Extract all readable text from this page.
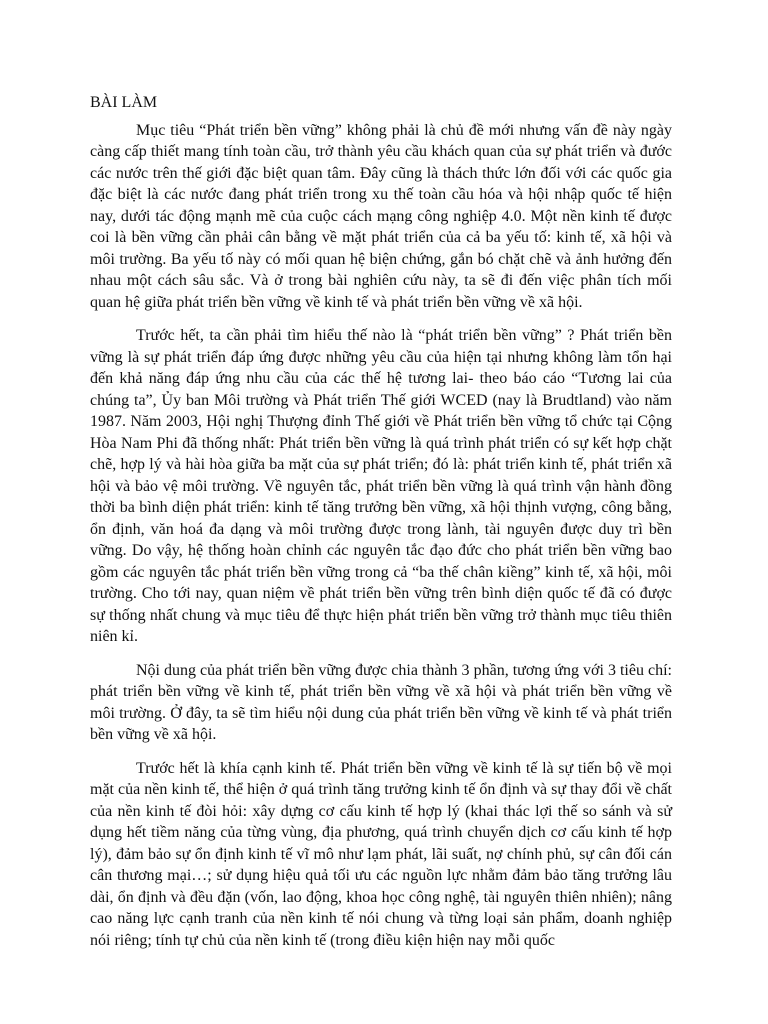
BÀI LÀM

Mục tiêu “Phát triển bền vững” không phải là chủ đề mới nhưng vấn đề này ngày càng cấp thiết mang tính toàn cầu, trở thành yêu cầu khách quan của sự phát triển và đước các nước trên thế giới đặc biệt quan tâm. Đây cũng là thách thức lớn đối với các quốc gia đặc biệt là các nước đang phát triển trong xu thế toàn cầu hóa và hội nhập quốc tế hiện nay, dưới tác động mạnh mẽ của cuộc cách mạng công nghiệp 4.0. Một nền kinh tế được coi là bền vững cần phải cân bằng về mặt phát triển của cả ba yếu tố: kinh tế, xã hội và môi trường. Ba yếu tố này có mối quan hệ biện chứng, gắn bó chặt chẽ và ảnh hưởng đến nhau một cách sâu sắc. Và ở trong bài nghiên cứu này, ta sẽ đi đến việc phân tích mối quan hệ giữa phát triển bền vững về kinh tế và phát triển bền vững về xã hội.

Trước hết, ta cần phải tìm hiểu thế nào là “phát triển bền vững” ? Phát triển bền vững là sự phát triển đáp ứng được những yêu cầu của hiện tại nhưng không làm tổn hại đến khả năng đáp ứng nhu cầu của các thế hệ tương lai- theo báo cáo “Tương lai của chúng ta”, Ủy ban Môi trường và Phát triển Thế giới WCED (nay là Brudtland) vào năm 1987. Năm 2003, Hội nghị Thượng đỉnh Thế giới về Phát triển bền vững tổ chức tại Cộng Hòa Nam Phi đã thống nhất: Phát triển bền vững là quá trình phát triển có sự kết hợp chặt chẽ, hợp lý và hài hòa giữa ba mặt của sự phát triển; đó là: phát triển kinh tế, phát triển xã hội và bảo vệ môi trường. Về nguyên tắc, phát triển bền vững là quá trình vận hành đồng thời ba bình diện phát triển: kinh tế tăng trưởng bền vững, xã hội thịnh vượng, công bằng, ổn định, văn hoá đa dạng và môi trường được trong lành, tài nguyên được duy trì bền vững. Do vậy, hệ thống hoàn chỉnh các nguyên tắc đạo đức cho phát triển bền vững bao gồm các nguyên tắc phát triển bền vững trong cả “ba thế chân kiềng” kinh tế, xã hội, môi trường. Cho tới nay, quan niệm về phát triển bền vững trên bình diện quốc tế đã có được sự thống nhất chung và mục tiêu để thực hiện phát triển bền vững trở thành mục tiêu thiên niên kỉ.

Nội dung của phát triển bền vững được chia thành 3 phần, tương ứng với 3 tiêu chí: phát triển bền vững về kinh tế, phát triển bền vững về xã hội và phát triển bền vững về môi trường. Ở đây, ta sẽ tìm hiểu nội dung của phát triển bền vững về kinh tế và phát triển bền vững về xã hội.

Trước hết là khía cạnh kinh tế. Phát triển bền vững về kinh tế là sự tiến bộ về mọi mặt của nền kinh tế, thể hiện ở quá trình tăng trưởng kinh tế ổn định và sự thay đổi về chất của nền kinh tế đòi hỏi: xây dựng cơ cấu kinh tế hợp lý (khai thác lợi thế so sánh và sử dụng hết tiềm năng của từng vùng, địa phương, quá trình chuyển dịch cơ cấu kinh tế hợp lý), đảm bảo sự ổn định kinh tế vĩ mô như lạm phát, lãi suất, nợ chính phủ, sự cân đối cán cân thương mại…; sử dụng hiệu quả tối ưu các nguồn lực nhằm đảm bảo tăng trưởng lâu dài, ổn định và đều đặn (vốn, lao động, khoa học công nghệ, tài nguyên thiên nhiên); nâng cao năng lực cạnh tranh của nền kinh tế nói chung và từng loại sản phẩm, doanh nghiệp nói riêng; tính tự chủ của nền kinh tế (trong điều kiện hiện nay mỗi quốc
